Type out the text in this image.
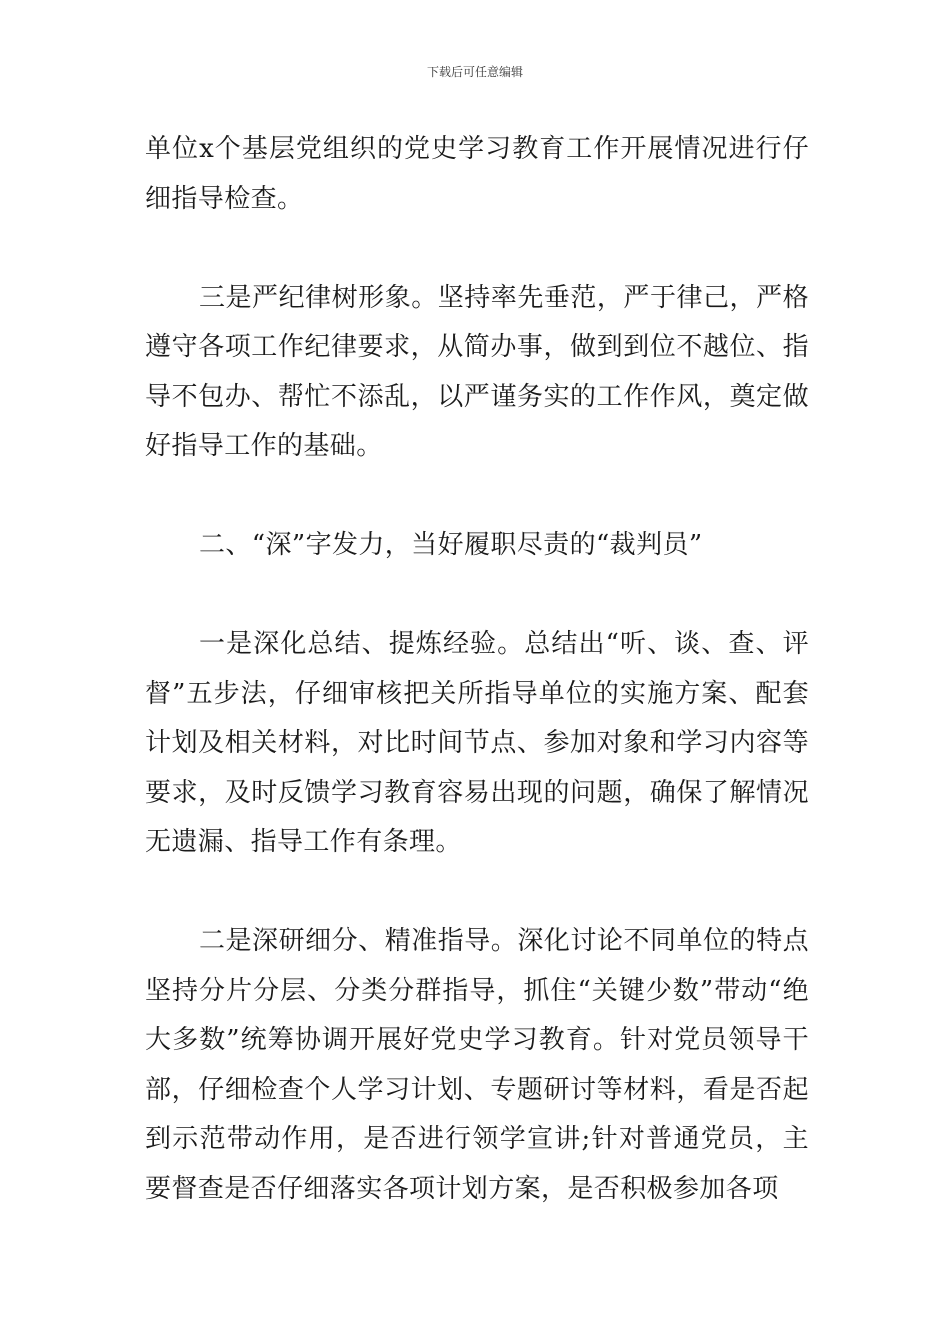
下载后可任意编辑

单位x个基层党组织的党史学习教育工作开展情况进行仔细指导检查。

三是严纪律树形象。坚持率先垂范，严于律己，严格遵守各项工作纪律要求，从简办事，做到到位不越位、指导不包办、帮忙不添乱，以严谨务实的工作作风，奠定做好指导工作的基础。

二、“深”字发力，当好履职尽责的“裁判员”

一是深化总结、提炼经验。总结出“听、谈、查、评督”五步法，仔细审核把关所指导单位的实施方案、配套计划及相关材料，对比时间节点、参加对象和学习内容等要求，及时反馈学习教育容易出现的问题，确保了解情况无遗漏、指导工作有条理。

二是深研细分、精准指导。深化讨论不同单位的特点坚持分片分层、分类分群指导，抓住“关键少数”带动“绝大多数”统筹协调开展好党史学习教育。针对党员领导干部，仔细检查个人学习计划、专题研讨等材料，看是否起到示范带动作用，是否进行领学宣讲;针对普通党员，主要督查是否仔细落实各项计划方案，是否积极参加各项
